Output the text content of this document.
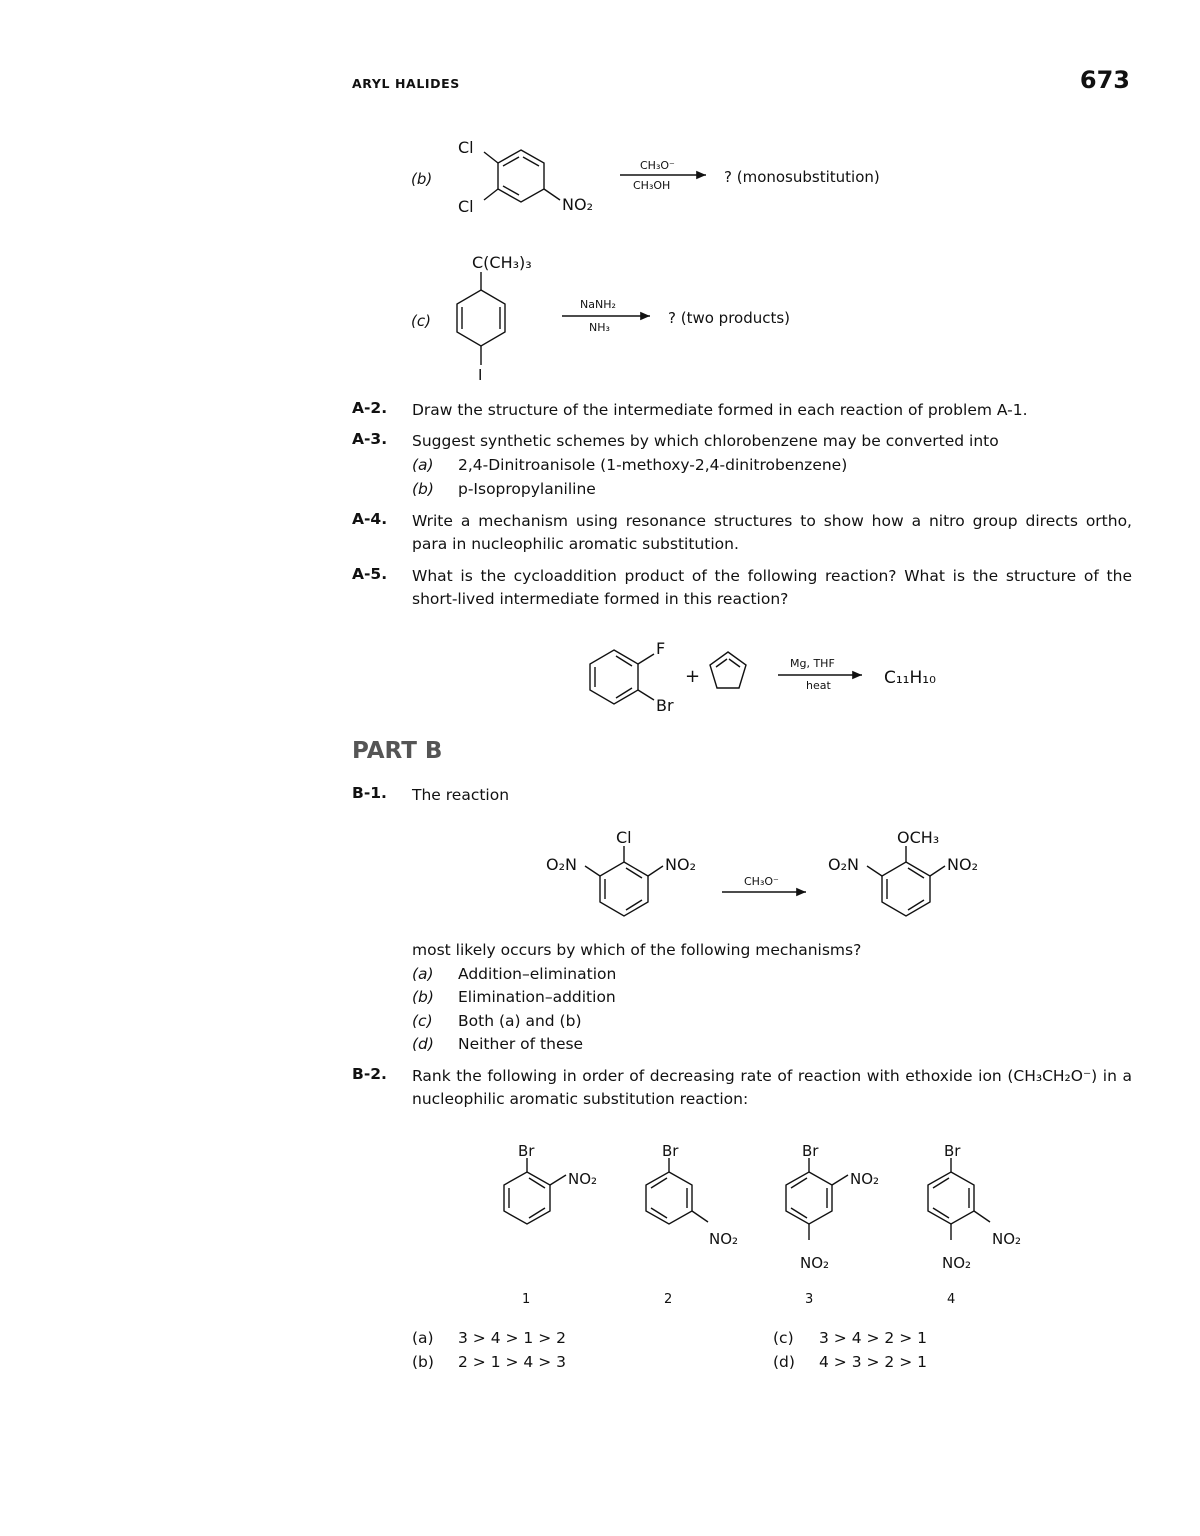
ARYL HALIDES	673
(b)
Cl
Cl	NO₂
CH₃O⁻
CH₃OH	? (monosubstitution)
(c)
C(CH₃)₃
I
NaNH₂
NH₃
? (two products)
F
Br
+
Mg, THF
heat	C₁₁H₁₀
Cl
O₂N	NO₂
CH₃O⁻
OCH₃
O₂N	NO₂
Br
NO₂
1
Br
NO₂
2
Br
NO₂
NO₂
3
Br
NO₂
NO₂
4
A-2. Draw the structure of the intermediate formed in each reaction of problem A-1.
A-3. Suggest synthetic schemes by which chlorobenzene may be converted into
(a) 2,4-Dinitroanisole (1-methoxy-2,4-dinitrobenzene)
(b) p-Isopropylaniline
A-4. Write a mechanism using resonance structures to show how a nitro group directs ortho, para in nucleophilic aromatic substitution.
A-5. What is the cycloaddition product of the following reaction? What is the structure of the short-lived intermediate formed in this reaction?
PART B
B-1. The reaction
most likely occurs by which of the following mechanisms?
(a) Addition–elimination
(b) Elimination–addition
(c) Both (a) and (b)
(d) Neither of these
B-2. Rank the following in order of decreasing rate of reaction with ethoxide ion (CH₃CH₂O⁻) in a nucleophilic aromatic substitution reaction:
(a) 3 > 4 > 1 > 2
(b) 2 > 1 > 4 > 3
(c) 3 > 4 > 2 > 1
(d) 4 > 3 > 2 > 1
